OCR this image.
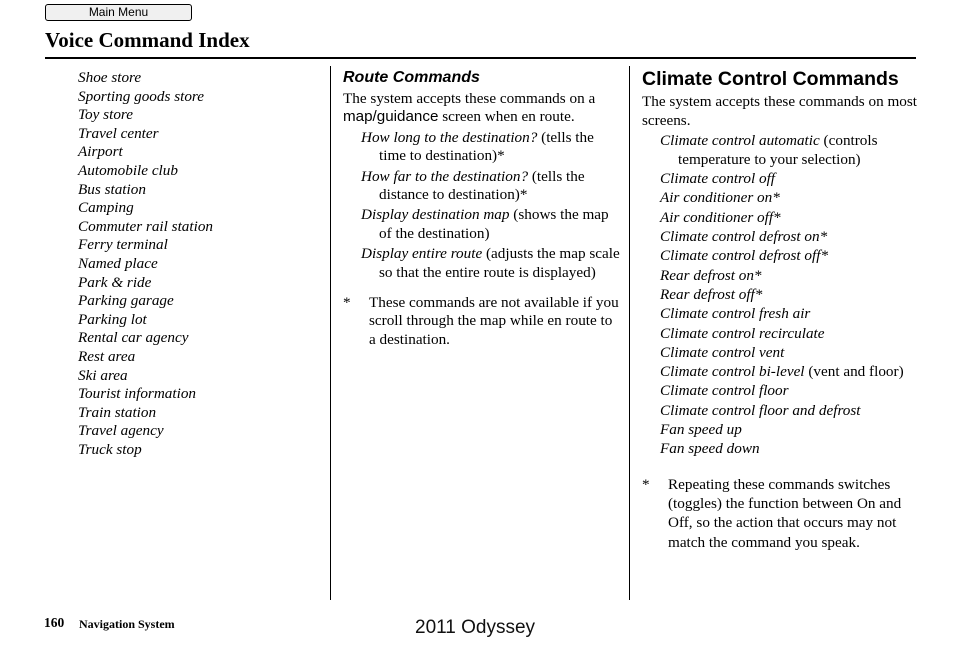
Main Menu
Voice Command Index
Shoe store
Sporting goods store
Toy store
Travel center
Airport
Automobile club
Bus station
Camping
Commuter rail station
Ferry terminal
Named place
Park & ride
Parking garage
Parking lot
Rental car agency
Rest area
Ski area
Tourist information
Train station
Travel agency
Truck stop
Route Commands
The system accepts these commands on a map/guidance screen when en route.
How long to the destination? (tells the time to destination)*
How far to the destination? (tells the distance to destination)*
Display destination map (shows the map of the destination)
Display entire route (adjusts the map scale so that the entire route is displayed)
* These commands are not available if you scroll through the map while en route to a destination.
Climate Control Commands
The system accepts these commands on most screens.
Climate control automatic (controls temperature to your selection)
Climate control off
Air conditioner on*
Air conditioner off*
Climate control defrost on*
Climate control defrost off*
Rear defrost on*
Rear defrost off*
Climate control fresh air
Climate control recirculate
Climate control vent
Climate control bi-level (vent and floor)
Climate control floor
Climate control floor and defrost
Fan speed up
Fan speed down
* Repeating these commands switches (toggles) the function between On and Off, so the action that occurs may not match the command you speak.
160 Navigation System	2011 Odyssey
